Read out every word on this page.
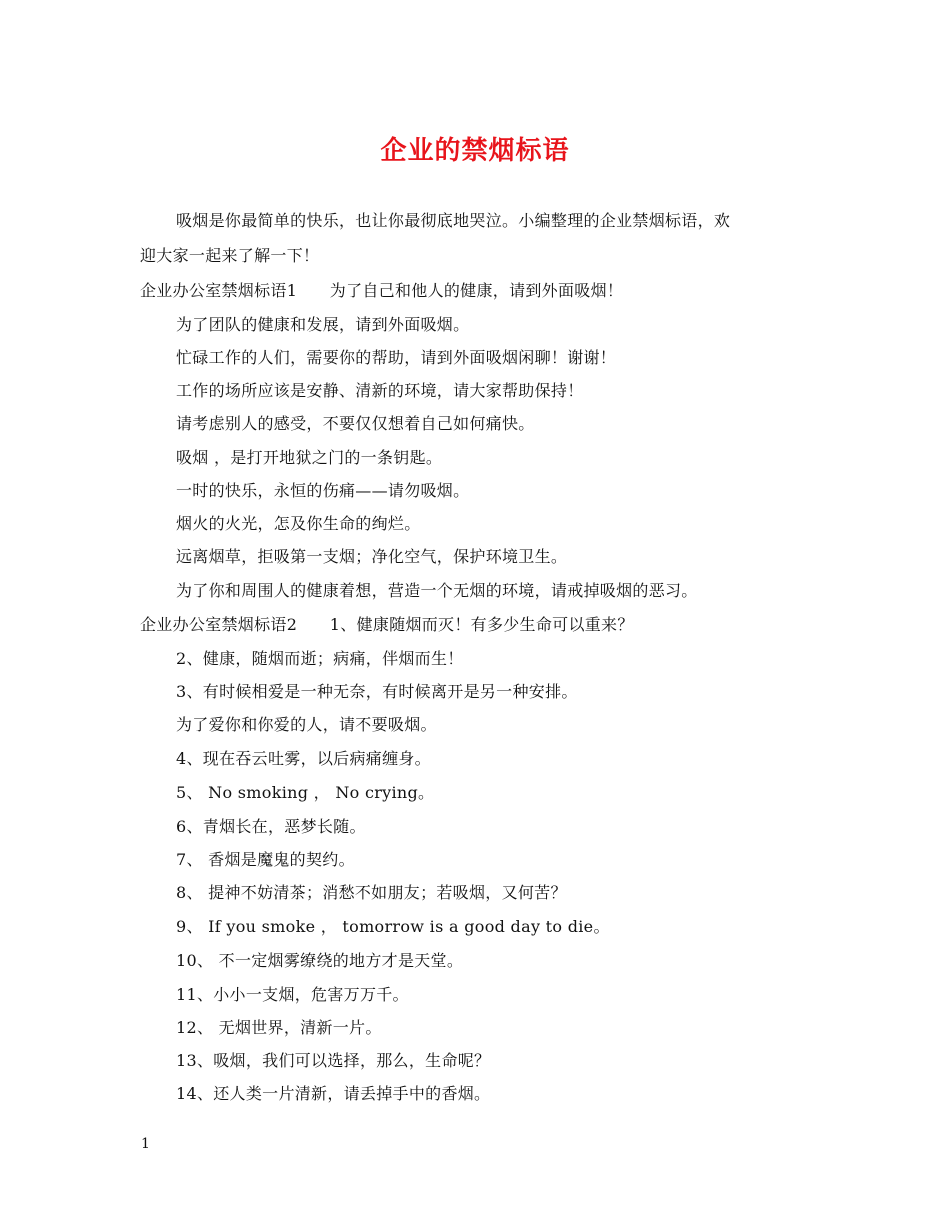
企业的禁烟标语
吸烟是你最简单的快乐，也让你最彻底地哭泣。小编整理的企业禁烟标语，欢
迎大家一起来了解一下！
企业办公室禁烟标语1　　为了自己和他人的健康，请到外面吸烟！
为了团队的健康和发展，请到外面吸烟。
忙碌工作的人们，需要你的帮助，请到外面吸烟闲聊！谢谢！
工作的场所应该是安静、清新的环境，请大家帮助保持！
请考虑别人的感受，不要仅仅想着自己如何痛快。
吸烟 ，是打开地狱之门的一条钥匙。
一时的快乐，永恒的伤痛——请勿吸烟。
烟火的火光，怎及你生命的绚烂。
远离烟草，拒吸第一支烟；净化空气，保护环境卫生。
为了你和周围人的健康着想，营造一个无烟的环境，请戒掉吸烟的恶习。
企业办公室禁烟标语2　　1、健康随烟而灭！有多少生命可以重来？
2、健康，随烟而逝；病痛，伴烟而生！
3、有时候相爱是一种无奈，有时候离开是另一种安排。
为了爱你和你爱的人，请不要吸烟。
4、现在吞云吐雾，以后病痛缠身。
5、 No smoking ， No crying。
6、青烟长在，恶梦长随。
7、 香烟是魔鬼的契约。
8、 提神不妨清茶；消愁不如朋友；若吸烟，又何苦？
9、 If you smoke ， tomorrow is a good day to die。
10、 不一定烟雾缭绕的地方才是天堂。
11、小小一支烟，危害万万千。
12、 无烟世界，清新一片。
13、吸烟，我们可以选择，那么，生命呢？
14、还人类一片清新，请丢掉手中的香烟。
1
